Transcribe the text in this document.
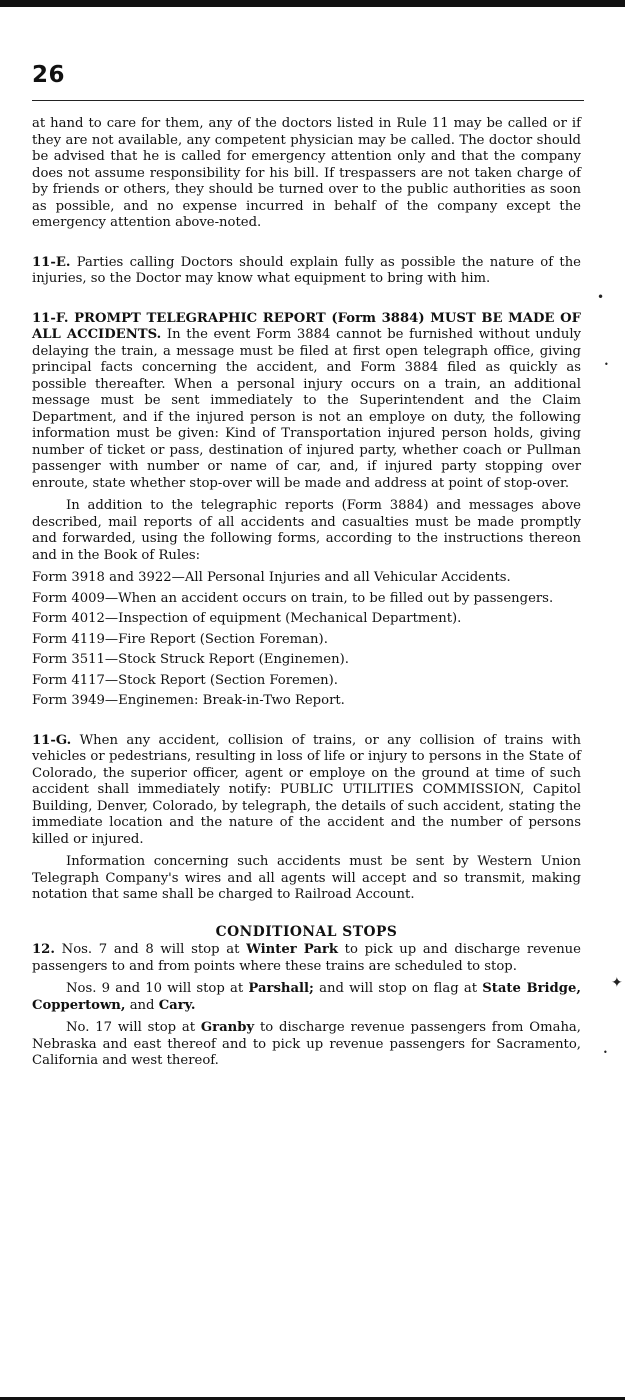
26

at hand to care for them, any of the doctors listed in Rule 11 may be called or if they are not available, any competent physician may be called. The doctor should be advised that he is called for emergency attention only and that the company does not assume responsibility for his bill. If trespassers are not taken charge of by friends or others, they should be turned over to the public authorities as soon as possible, and no expense incurred in behalf of the company except the emergency attention above-noted.

11-E. Parties calling Doctors should explain fully as possible the nature of the injuries, so the Doctor may know what equipment to bring with him.

11-F. PROMPT TELEGRAPHIC REPORT (Form 3884) MUST BE MADE OF ALL ACCIDENTS. In the event Form 3884 cannot be furnished without unduly delaying the train, a message must be filed at first open telegraph office, giving principal facts concerning the accident, and Form 3884 filed as quickly as possible thereafter. When a personal injury occurs on a train, an additional message must be sent immediately to the Superintendent and the Claim Department, and if the injured person is not an employe on duty, the following information must be given: Kind of Transportation injured person holds, giving number of ticket or pass, destination of injured party, whether coach or Pullman passenger with number or name of car, and, if injured party stopping over enroute, state whether stop-over will be made and address at point of stop-over.

In addition to the telegraphic reports (Form 3884) and messages above described, mail reports of all accidents and casualties must be made promptly and forwarded, using the following forms, according to the instructions thereon and in the Book of Rules:

Form 3918 and 3922—All Personal Injuries and all Vehicular Accidents.

Form 4009—When an accident occurs on train, to be filled out by passengers.

Form 4012—Inspection of equipment (Mechanical Department).

Form 4119—Fire Report (Section Foreman).

Form 3511—Stock Struck Report (Enginemen).

Form 4117—Stock Report (Section Foremen).

Form 3949—Enginemen: Break-in-Two Report.

11-G. When any accident, collision of trains, or any collision of trains with vehicles or pedestrians, resulting in loss of life or injury to persons in the State of Colorado, the superior officer, agent or employe on the ground at time of such accident shall immediately notify: PUBLIC UTILITIES COMMISSION, Capitol Building, Denver, Colorado, by telegraph, the details of such accident, stating the immediate location and the nature of the accident and the number of persons killed or injured.

Information concerning such accidents must be sent by Western Union Telegraph Company's wires and all agents will accept and so transmit, making notation that same shall be charged to Railroad Account.

CONDITIONAL STOPS

12. Nos. 7 and 8 will stop at Winter Park to pick up and discharge revenue passengers to and from points where these trains are scheduled to stop.

Nos. 9 and 10 will stop at Parshall; and will stop on flag at State Bridge, Coppertown, and Cary.

No. 17 will stop at Granby to discharge revenue passengers from Omaha, Nebraska and east thereof and to pick up revenue passengers for Sacramento, California and west thereof.

•
•
✦
•
